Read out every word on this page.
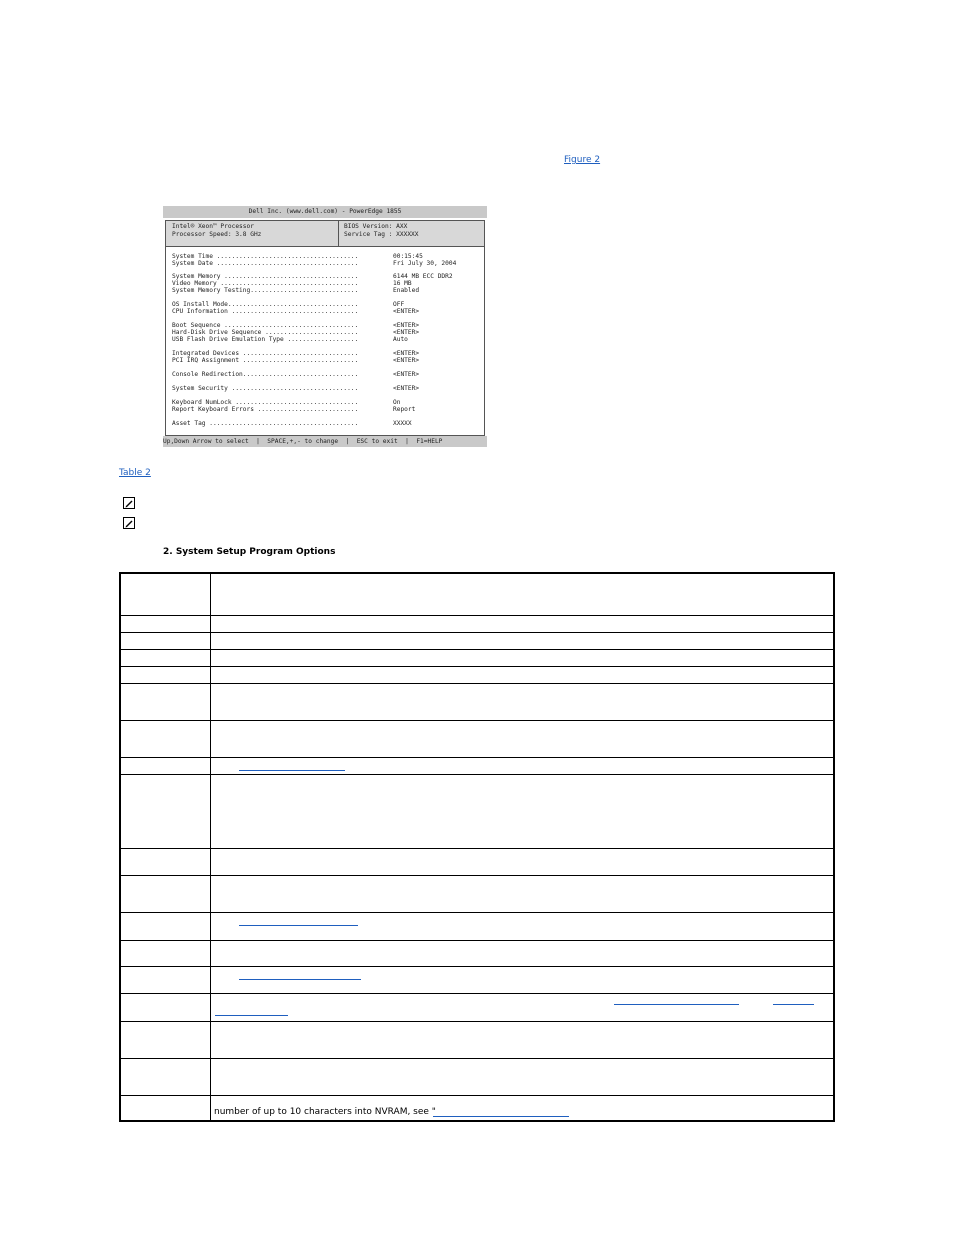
Figure 2
Dell Inc. (www.dell.com) - PowerEdge 1855
Intel® Xeon™ Processor
Processor Speed: 3.8 GHz
BIOS Version: AXX
Service Tag : XXXXXX
System Time ......................................	00:15:45
System Date ......................................	Fri July 30, 2004
System Memory ....................................	6144 MB ECC DDR2
Video Memory .....................................	16 MB
System Memory Testing.............................	Enabled
OS Install Mode...................................	OFF
CPU Information ..................................	<ENTER>
Boot Sequence ....................................	<ENTER>
Hard-Disk Drive Sequence .........................	<ENTER>
USB Flash Drive Emulation Type ...................	Auto
Integrated Devices ...............................	<ENTER>
PCI IRQ Assignment ...............................	<ENTER>
Console Redirection...............................	<ENTER>
System Security ..................................	<ENTER>
Keyboard NumLock .................................	On
Report Keyboard Errors ...........................	Report
Asset Tag ........................................	XXXXX
Up,Down Arrow to select  |  SPACE,+,- to change  |  ESC to exit  |  F1=HELP
Table 2
2. System Setup Program Options
number of up to 10 characters into NVRAM, see "
